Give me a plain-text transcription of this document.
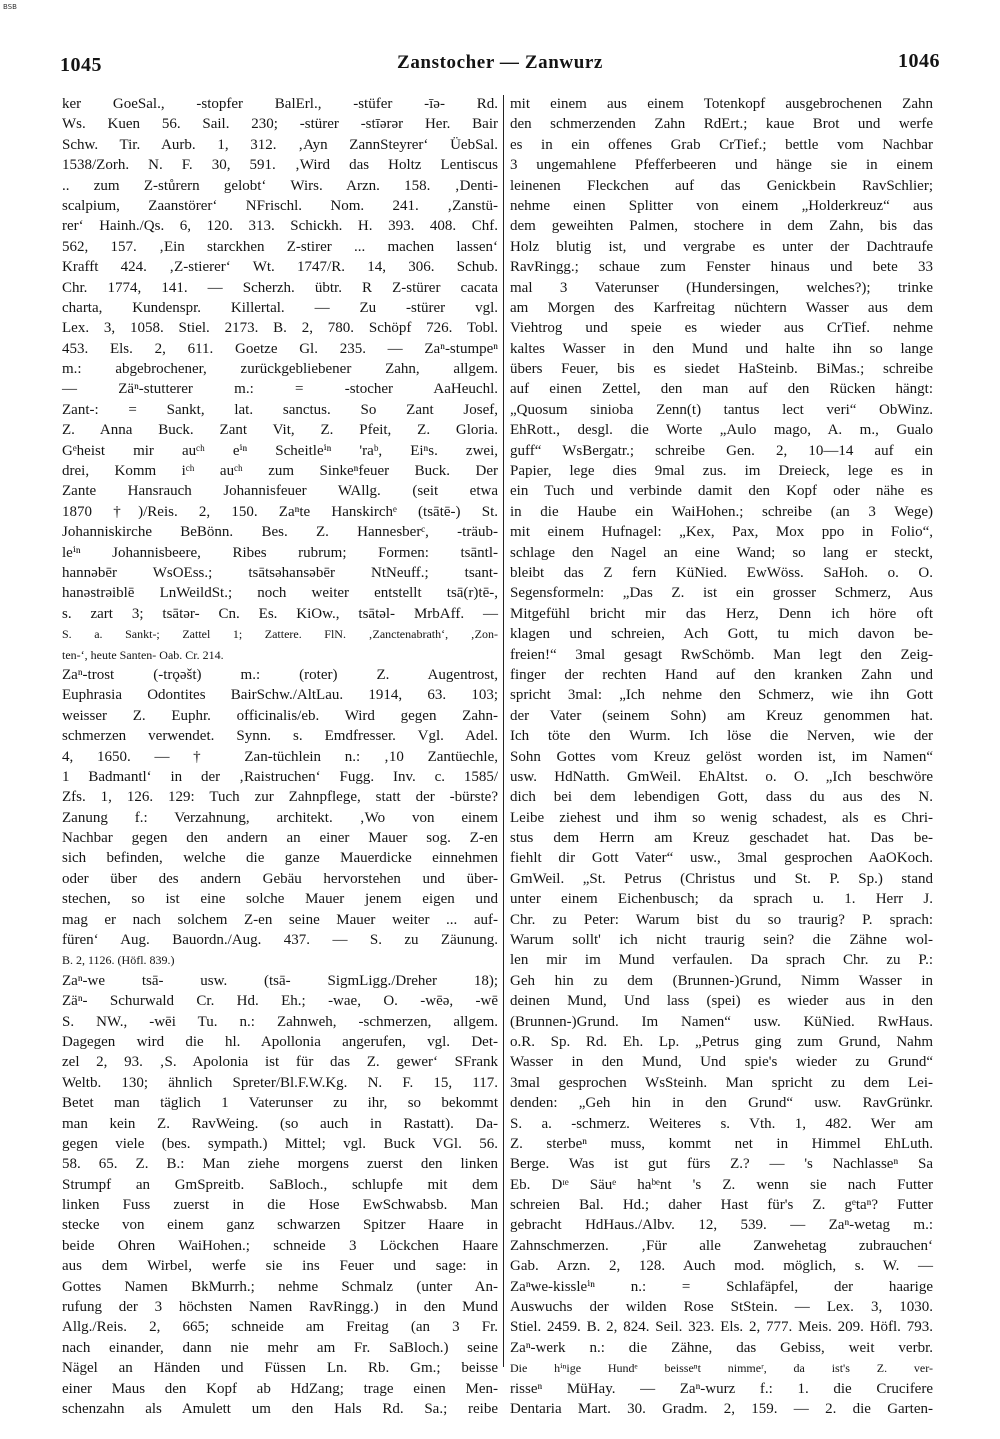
BSB
1045	Zanstocher — Zanwurz	1046
ker GoeSal., -stopfer BalErl., -stüfer -īə- Rd.
Ws. Kuen 56. Sail. 230; -stürer -stīərər Her. Bair
Schw. Tir. Aurb. 1, 312. ‚Ayn ZannSteyrer‘ ÜebSal.
1538/Zorh. N. F. 30, 591. ‚Wird das Holtz Lentiscus
.. zum Z-stůrern gelobt‘ Wirs. Arzn. 158. ‚Denti-
scalpium, Zaanstörer‘ NFrischl. Nom. 241. ‚Zanstü-
rer‘ Hainh./Qs. 6, 120. 313. Schickh. H. 393. 408. Chf.
562, 157. ‚Ein starckhen Z-stirer ... machen lassen‘
Krafft 424. ‚Z-stierer‘ Wt. 1747/R. 14, 306. Schub.
Chr. 1774, 141. — Scherzh. übtr. R Z-stürer cacata
charta, Kundenspr. Killertal. — Zu -stürer vgl.
Lex. 3, 1058. Stiel. 2173. B. 2, 780. Schöpf 726. Tobl.
453. Els. 2, 611. Goetze Gl. 235. — Zaⁿ-stumpeⁿ
m.: abgebrochener, zurückgebliebener Zahn, allgem.
— Zäⁿ-stutterer m.: = -stocher AaHeuchl.
Zant-: = Sankt, lat. sanctus. So Zant Josef,
Z. Anna Buck. Zant Vit, Z. Pfeit, Z. Gloria.
Gᵉheist mir auᶜʰ eⁱⁿ Scheitleⁱⁿ 'raᵇ, Eiⁿs. zwei,
drei, Komm iᶜʰ auᶜʰ zum Sinkeⁿfeuer Buck. Der
Zante Hansrauch Johannisfeuer WAllg. (seit etwa
1870 †)/Reis. 2, 150. Zaⁿte Hanskirchᵉ (tsātē-) St.
Johanniskirche BeBönn. Bes. Z. Hannesberᶜ, -träub-
leⁱⁿ Johannisbeere, Ribes rubrum; Formen: tsāntl-
hannəbēr WsOEss.; tsātsəhansəbēr NtNeuff.; tsant-
hanəstrəiblē LnWeildSt.; noch weiter entstellt tsā(r)tē-,
s. zart 3; tsātər- Cn. Es. KiOw., tsātəl- MrbAff. —
S. a. Sankt-; Zattel 1; Zattere. FlN. ‚Zanctenabrath‘, ‚Zon-
ten-‘, heute Santen- Oab. Cr. 214.
Zaⁿ-trost (-trǫəšt) m.: (roter) Z. Augentrost,
Euphrasia Odontites BairSchw./AltLau. 1914, 63. 103;
weisser Z. Euphr. officinalis/eb. Wird gegen Zahn-
schmerzen verwendet. Synn. s. Emdfresser. Vgl. Adel.
4, 1650. — † Zan-tüchlein n.: ‚10 Zantüechle,
1 Badmantl‘ in der ‚Raistruchen‘ Fugg. Inv. c. 1585/
Zfs. 1, 126. 129: Tuch zur Zahnpflege, statt der -bürste?
Zanung f.: Verzahnung, architekt. ‚Wo von einem
Nachbar gegen den andern an einer Mauer sog. Z-en
sich befinden, welche die ganze Mauerdicke einnehmen
oder über des andern Gebäu hervorstehen und über-
stechen, so ist eine solche Mauer jenem eigen und
mag er nach solchem Z-en seine Mauer weiter ... auf-
füren‘ Aug. Bauordn./Aug. 437. — S. zu Zäunung.
B. 2, 1126. (Höfl. 839.)
Zaⁿ-we tsā- usw. (tsā- SigmLigg./Dreher 18);
Zäⁿ- Schurwald Cr. Hd. Eh.; -wae, O. -wēə, -wē
S. NW., -wēi Tu. n.: Zahnweh, -schmerzen, allgem.
Dagegen wird die hl. Apollonia angerufen, vgl. Det-
zel 2, 93. ‚S. Apolonia ist für das Z. gewer‘ SFrank
Weltb. 130; ähnlich Spreter/Bl.F.W.Kg. N. F. 15, 117.
Betet man täglich 1 Vaterunser zu ihr, so bekommt
man kein Z. RavWeing. (so auch in Rastatt). Da-
gegen viele (bes. sympath.) Mittel; vgl. Buck VGl. 56.
58. 65. Z. B.: Man ziehe morgens zuerst den linken
Strumpf an GmSpreitb. SaBloch., schlupfe mit dem
linken Fuss zuerst in die Hose EwSchwabsb. Man
stecke von einem ganz schwarzen Spitzer Haare in
beide Ohren WaiHohen.; schneide 3 Löckchen Haare
aus dem Wirbel, werfe sie ins Feuer und sage: in
Gottes Namen BkMurrh.; nehme Schmalz (unter An-
rufung der 3 höchsten Namen RavRingg.) in den Mund
Allg./Reis. 2, 665; schneide am Freitag (an 3 Fr.
nach einander, dann nie mehr am Fr. SaBloch.) seine
Nägel an Händen und Füssen Ln. Rb. Gm.; beisse
einer Maus den Kopf ab HdZang; trage einen Men-
schenzahn als Amulett um den Hals Rd. Sa.; reibe
mit einem aus einem Totenkopf ausgebrochenen Zahn
den schmerzenden Zahn RdErt.; kaue Brot und werfe
es in ein offenes Grab CrTief.; bettle vom Nachbar
3 ungemahlene Pfefferbeeren und hänge sie in einem
leinenen Fleckchen auf das Genickbein RavSchlier;
nehme einen Splitter von einem „Holderkreuz“ aus
dem geweihten Palmen, stochere in dem Zahn, bis das
Holz blutig ist, und vergrabe es unter der Dachtraufe
RavRingg.; schaue zum Fenster hinaus und bete 33
mal 3 Vaterunser (Hundersingen, welches?); trinke
am Morgen des Karfreitag nüchtern Wasser aus dem
Viehtrog und speie es wieder aus CrTief. nehme
kaltes Wasser in den Mund und halte ihn so lange
übers Feuer, bis es siedet HaSteinb. BiMas.; schreibe
auf einen Zettel, den man auf den Rücken hängt:
„Quosum sinioba Zenn(t) tantus lect veri“ ObWinz.
EhRott., desgl. die Worte „Aulo mago, A. m., Gualo
guff“ WsBergatr.; schreibe Gen. 2, 10—14 auf ein
Papier, lege dies 9mal zus. im Dreieck, lege es in
ein Tuch und verbinde damit den Kopf oder nähe es
in die Haube ein WaiHohen.; schreibe (an 3 Wege)
mit einem Hufnagel: „Kex, Pax, Mox ppo in Folio“,
schlage den Nagel an eine Wand; so lang er steckt,
bleibt das Z fern KüNied. EwWöss. SaHoh. o. O.
Segensformeln: „Das Z. ist ein grosser Schmerz, Aus
Mitgefühl bricht mir das Herz, Denn ich höre oft
klagen und schreien, Ach Gott, tu mich davon be-
freien!“ 3mal gesagt RwSchömb. Man legt den Zeig-
finger der rechten Hand auf den kranken Zahn und
spricht 3mal: „Ich nehme den Schmerz, wie ihn Gott
der Vater (seinem Sohn) am Kreuz genommen hat.
Ich töte den Wurm. Ich löse die Nerven, wie der
Sohn Gottes vom Kreuz gelöst worden ist, im Namen“
usw. HdNatth. GmWeil. EhAltst. o. O. „Ich beschwöre
dich bei dem lebendigen Gott, dass du aus des N.
Leibe ziehest und ihm so wenig schadest, als es Chri-
stus dem Herrn am Kreuz geschadet hat. Das be-
fiehlt dir Gott Vater“ usw., 3mal gesprochen AaOKoch.
GmWeil. „St. Petrus (Christus und St. P. Sp.) stand
unter einem Eichenbusch; da sprach u. 1. Herr J.
Chr. zu Peter: Warum bist du so traurig? P. sprach:
Warum sollt' ich nicht traurig sein? die Zähne wol-
len mir im Mund verfaulen. Da sprach Chr. zu P.:
Geh hin zu dem (Brunnen-)Grund, Nimm Wasser in
deinen Mund, Und lass (spei) es wieder aus in den
(Brunnen-)Grund. Im Namen“ usw. KüNied. RwHaus.
o.R. Sp. Rd. Eh. Lp. „Petrus ging zum Grund, Nahm
Wasser in den Mund, Und spie's wieder zu Grund“
3mal gesprochen WsSteinh. Man spricht zu dem Lei-
denden: „Geh hin in den Grund“ usw. RavGrünkr.
S. a. -schmerz. Weiteres s. Vth. 1, 482. Wer am
Z. sterbeⁿ muss, kommt net in Himmel EhLuth.
Berge. Was ist gut fürs Z.? — 's Nachlasseⁿ Sa
Eb. Dᶦᵉ Säuᵉ haᵇᵉnt 's Z. wenn sie nach Futter
schreien Bal. Hd.; daher Hast für's Z. gᵉtaⁿ? Futter
gebracht HdHaus./Albv. 12, 539. — Zaⁿ-wetag m.:
Zahnschmerzen. ‚Für alle Zanwehetag zubrauchen‘
Gab. Arzn. 2, 128. Auch mod. möglich, s. W. —
Zaⁿwe-kissleⁱⁿ n.: = Schlafäpfel, der haarige
Auswuchs der wilden Rose StStein. — Lex. 3, 1030.
Stiel. 2459. B. 2, 824. Seil. 323. Els. 2, 777. Meis. 209. Höfl. 793.
Zaⁿ-werk n.: die Zähne, das Gebiss, weit verbr.
Die hⁱⁿige Hundᵉ beisseⁿt nimmeʳ, da ist's Z. ver-
risseⁿ MüHay. — Zaⁿ-wurz f.: 1. die Crucifere
Dentaria Mart. 30. Gradm. 2, 159. — 2. die Garten-
